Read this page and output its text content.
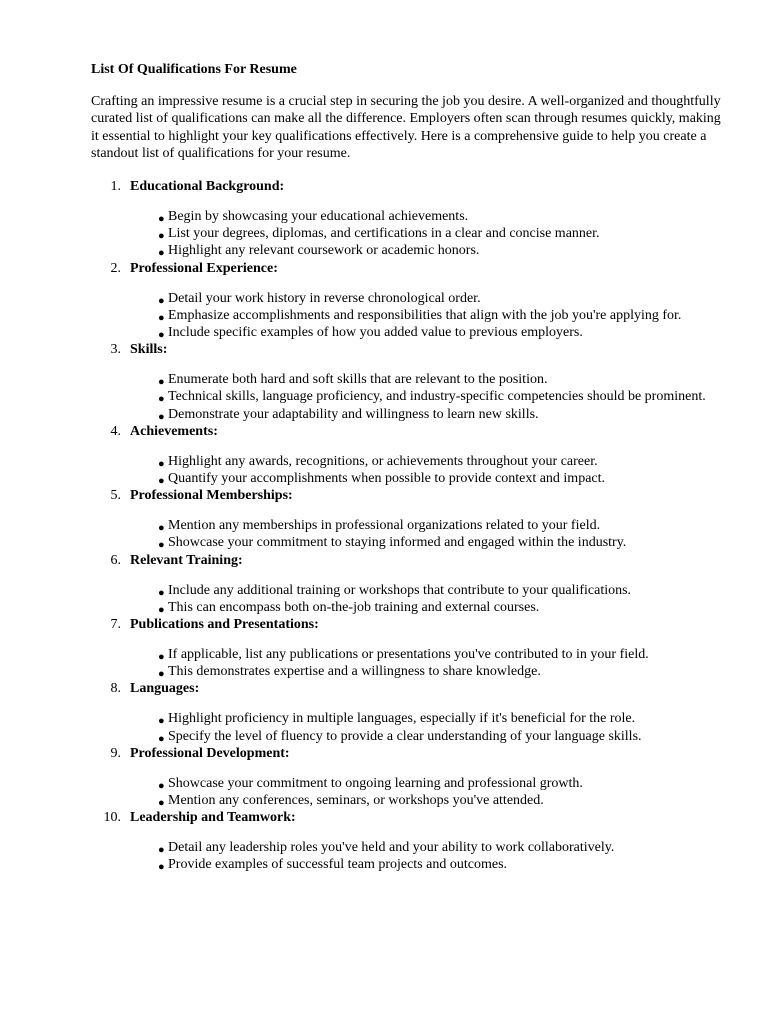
List Of Qualifications For Resume

Crafting an impressive resume is a crucial step in securing the job you desire. A well-organized and thoughtfully curated list of qualifications can make all the difference. Employers often scan through resumes quickly, making it essential to highlight your key qualifications effectively. Here is a comprehensive guide to help you create a standout list of qualifications for your resume.

1. Educational Background:
● Begin by showcasing your educational achievements.
● List your degrees, diplomas, and certifications in a clear and concise manner.
● Highlight any relevant coursework or academic honors.
2. Professional Experience:
● Detail your work history in reverse chronological order.
● Emphasize accomplishments and responsibilities that align with the job you're applying for.
● Include specific examples of how you added value to previous employers.
3. Skills:
● Enumerate both hard and soft skills that are relevant to the position.
● Technical skills, language proficiency, and industry-specific competencies should be prominent.
● Demonstrate your adaptability and willingness to learn new skills.
4. Achievements:
● Highlight any awards, recognitions, or achievements throughout your career.
● Quantify your accomplishments when possible to provide context and impact.
5. Professional Memberships:
● Mention any memberships in professional organizations related to your field.
● Showcase your commitment to staying informed and engaged within the industry.
6. Relevant Training:
● Include any additional training or workshops that contribute to your qualifications.
● This can encompass both on-the-job training and external courses.
7. Publications and Presentations:
● If applicable, list any publications or presentations you've contributed to in your field.
● This demonstrates expertise and a willingness to share knowledge.
8. Languages:
● Highlight proficiency in multiple languages, especially if it's beneficial for the role.
● Specify the level of fluency to provide a clear understanding of your language skills.
9. Professional Development:
● Showcase your commitment to ongoing learning and professional growth.
● Mention any conferences, seminars, or workshops you've attended.
10. Leadership and Teamwork:
● Detail any leadership roles you've held and your ability to work collaboratively.
● Provide examples of successful team projects and outcomes.
